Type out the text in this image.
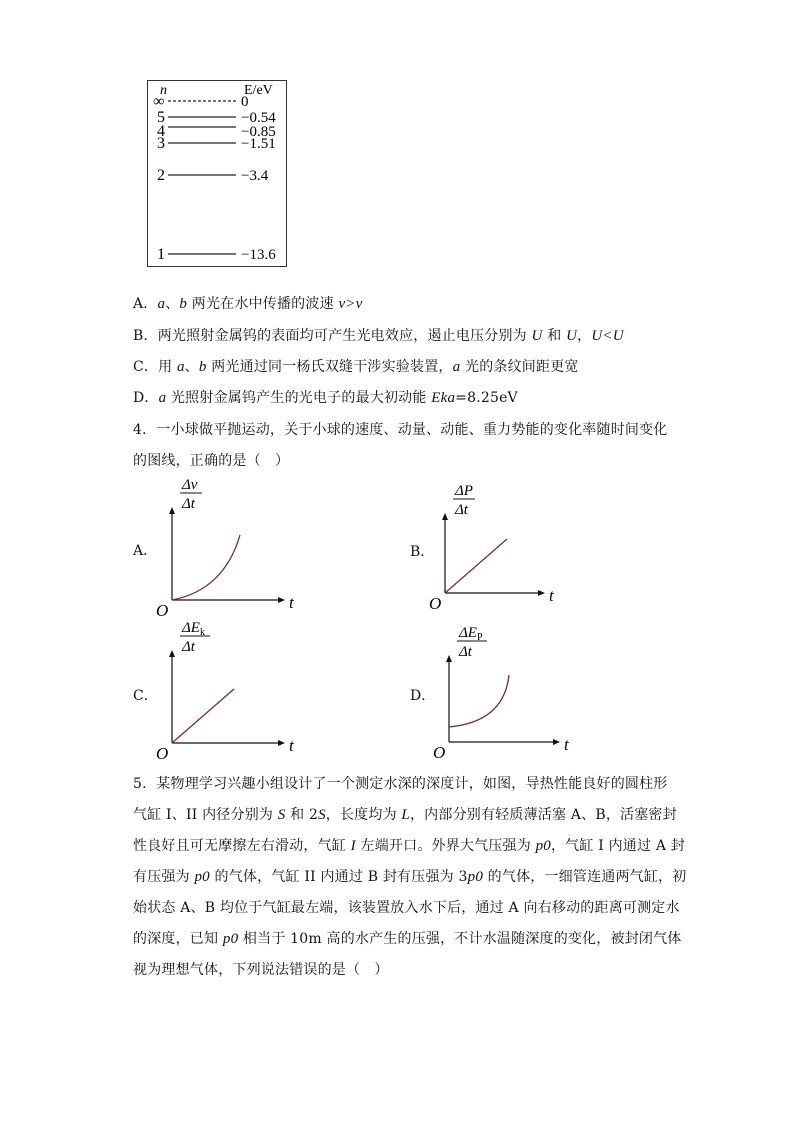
n	E/eV
∞	0
5	−0.54
4	−0.85
3	−1.51
2	−3.4
1	−13.6
A．a、b 两光在水中传播的波速 v>v
B．两光照射金属钨的表面均可产生光电效应，遏止电压分别为 U 和 U，U<U
C．用 a、b 两光通过同一杨氏双缝干涉实验装置，a 光的条纹间距更宽
D．a 光照射金属钨产生的光电子的最大初动能 Eka=8.25eV
4．一小球做平抛运动，关于小球的速度、动量、动能、重力势能的变化率随时间变化
的图线，正确的是（　）
A．
O	t
Δv
Δt
B．
O	t
ΔP
Δt
C．
O	t
$\Delta E_k$
Δt
D．
O	t
$\Delta E_P$
Δt
5．某物理学习兴趣小组设计了一个测定水深的深度计，如图，导热性能良好的圆柱形
气缸 I、II 内径分别为 S 和 2S，长度均为 L，内部分别有轻质薄活塞 A、B，活塞密封
性良好且可无摩擦左右滑动，气缸 I 左端开口。外界大气压强为 p0，气缸 I 内通过 A 封
有压强为 p0 的气体，气缸 II 内通过 B 封有压强为 3p0 的气体，一细管连通两气缸，初
始状态 A、B 均位于气缸最左端，该装置放入水下后，通过 A 向右移动的距离可测定水
的深度，已知 p0 相当于 10m 高的水产生的压强，不计水温随深度的变化，被封闭气体
视为理想气体，下列说法错误的是（　）
